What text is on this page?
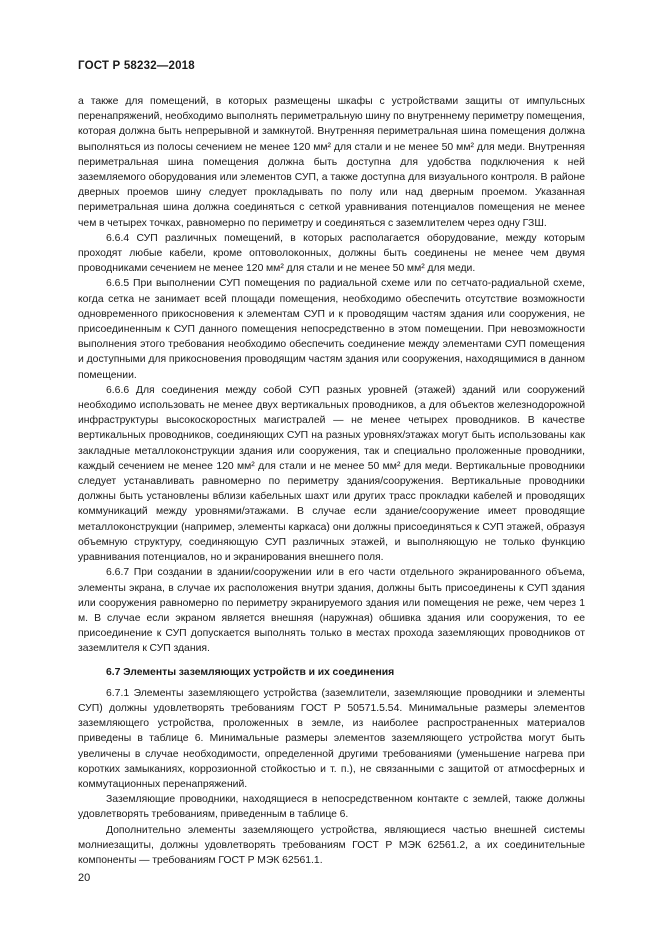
ГОСТ Р 58232—2018

а также для помещений, в которых размещены шкафы с устройствами защиты от импульсных перенапряжений, необходимо выполнять периметральную шину по внутреннему периметру помещения, которая должна быть непрерывной и замкнутой. Внутренняя периметральная шина помещения должна выполняться из полосы сечением не менее 120 мм² для стали и не менее 50 мм² для меди. Внутренняя периметральная шина помещения должна быть доступна для удобства подключения к ней заземляемого оборудования или элементов СУП, а также доступна для визуального контроля. В районе дверных проемов шину следует прокладывать по полу или над дверным проемом. Указанная периметральная шина должна соединяться с сеткой уравнивания потенциалов помещения не менее чем в четырех точках, равномерно по периметру и соединяться с заземлителем через одну ГЗШ.

6.6.4 СУП различных помещений, в которых располагается оборудование, между которым проходят любые кабели, кроме оптоволоконных, должны быть соединены не менее чем двумя проводниками сечением не менее 120 мм² для стали и не менее 50 мм² для меди.

6.6.5 При выполнении СУП помещения по радиальной схеме или по сетчато-радиальной схеме, когда сетка не занимает всей площади помещения, необходимо обеспечить отсутствие возможности одновременного прикосновения к элементам СУП и к проводящим частям здания или сооружения, не присоединенным к СУП данного помещения непосредственно в этом помещении. При невозможности выполнения этого требования необходимо обеспечить соединение между элементами СУП помещения и доступными для прикосновения проводящим частям здания или сооружения, находящимися в данном помещении.

6.6.6 Для соединения между собой СУП разных уровней (этажей) зданий или сооружений необходимо использовать не менее двух вертикальных проводников, а для объектов железнодорожной инфраструктуры высокоскоростных магистралей — не менее четырех проводников. В качестве вертикальных проводников, соединяющих СУП на разных уровнях/этажах могут быть использованы как закладные металлоконструкции здания или сооружения, так и специально проложенные проводники, каждый сечением не менее 120 мм² для стали и не менее 50 мм² для меди. Вертикальные проводники следует устанавливать равномерно по периметру здания/сооружения. Вертикальные проводники должны быть установлены вблизи кабельных шахт или других трасс прокладки кабелей и проводящих коммуникаций между уровнями/этажами. В случае если здание/сооружение имеет проводящие металлоконструкции (например, элементы каркаса) они должны присоединяться к СУП этажей, образуя объемную структуру, соединяющую СУП различных этажей, и выполняющую не только функцию уравнивания потенциалов, но и экранирования внешнего поля.

6.6.7 При создании в здании/сооружении или в его части отдельного экранированного объема, элементы экрана, в случае их расположения внутри здания, должны быть присоединены к СУП здания или сооружения равномерно по периметру экранируемого здания или помещения не реже, чем через 1 м. В случае если экраном является внешняя (наружная) обшивка здания или сооружения, то ее присоединение к СУП допускается выполнять только в местах прохода заземляющих проводников от заземлителя к СУП здания.

6.7 Элементы заземляющих устройств и их соединения

6.7.1 Элементы заземляющего устройства (заземлители, заземляющие проводники и элементы СУП) должны удовлетворять требованиям ГОСТ Р 50571.5.54. Минимальные размеры элементов заземляющего устройства, проложенных в земле, из наиболее распространенных материалов приведены в таблице 6. Минимальные размеры элементов заземляющего устройства могут быть увеличены в случае необходимости, определенной другими требованиями (уменьшение нагрева при коротких замыканиях, коррозионной стойкостью и т. п.), не связанными с защитой от атмосферных и коммутационных перенапряжений.

Заземляющие проводники, находящиеся в непосредственном контакте с землей, также должны удовлетворять требованиям, приведенным в таблице 6.

Дополнительно элементы заземляющего устройства, являющиеся частью внешней системы молниезащиты, должны удовлетворять требованиям ГОСТ Р МЭК 62561.2, а их соединительные компоненты — требованиям ГОСТ Р МЭК 62561.1.

20
